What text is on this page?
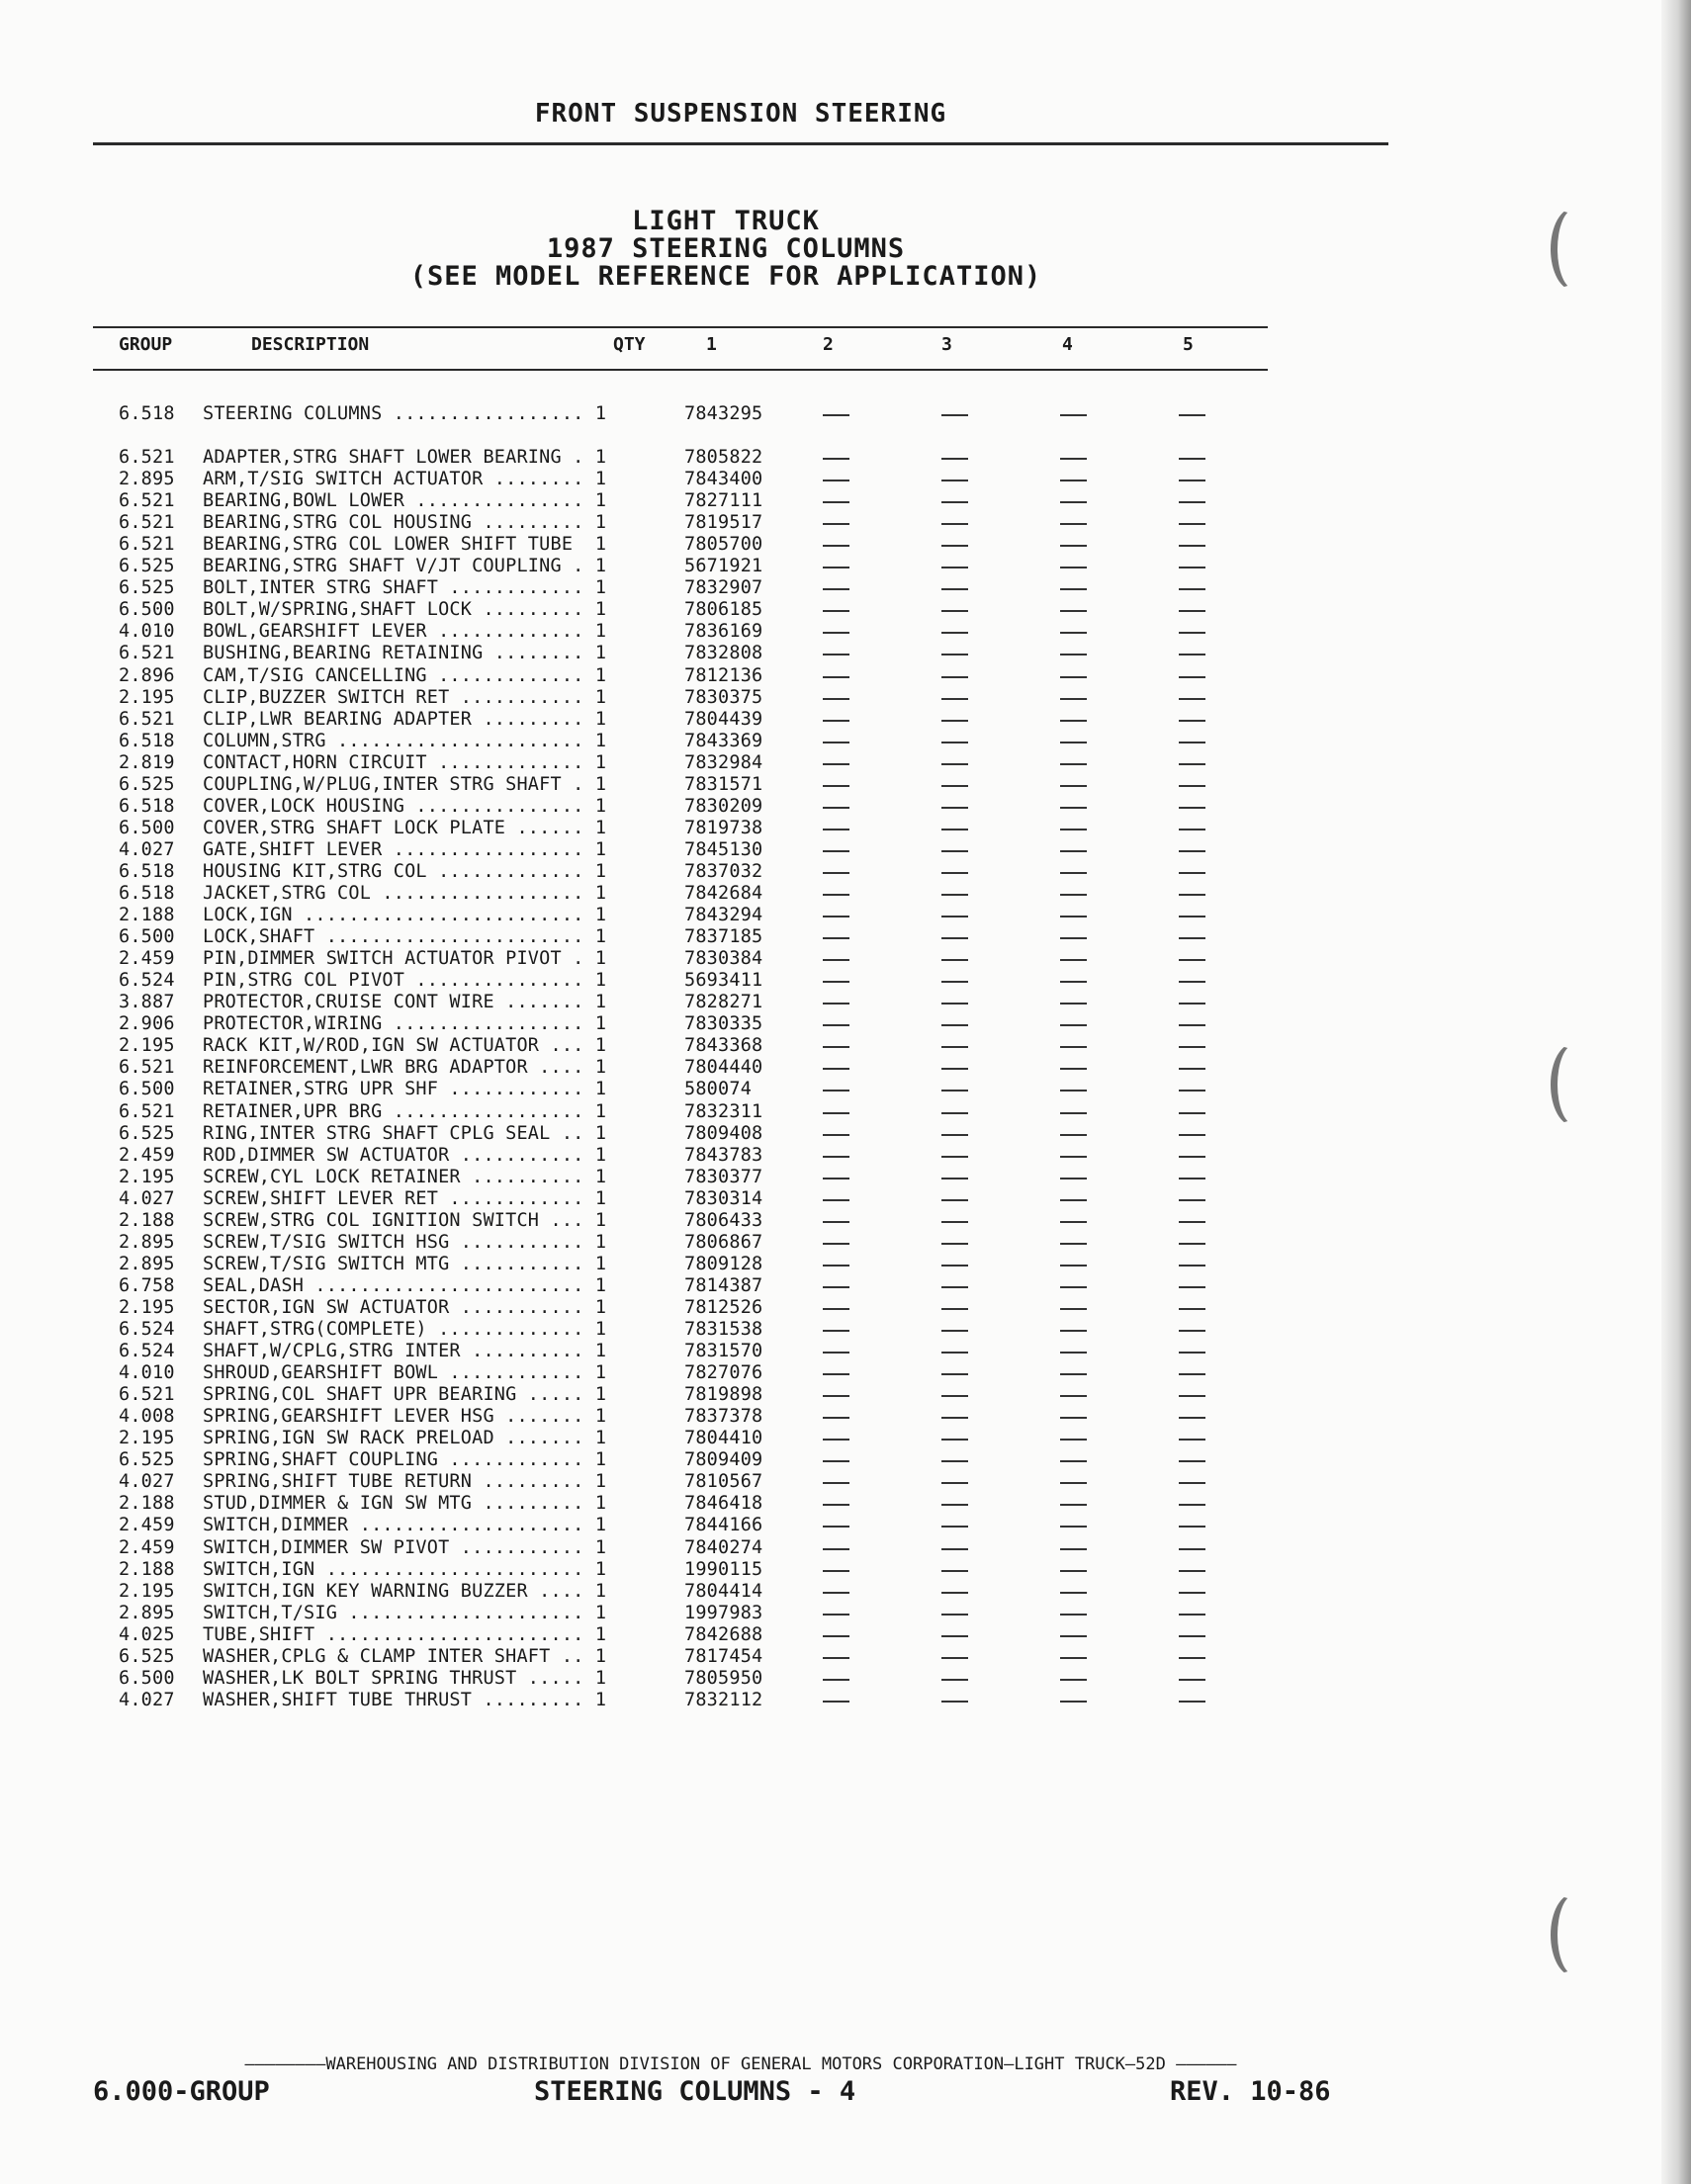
FRONT SUSPENSION STEERING
LIGHT TRUCK
1987 STEERING COLUMNS
(SEE MODEL REFERENCE FOR APPLICATION)
GROUP	DESCRIPTION	QTY	1	2	3	4	5
6.518 STEERING COLUMNS ................. 1	7843295
6.521 ADAPTER,STRG SHAFT LOWER BEARING . 1	7805822
2.895 ARM,T/SIG SWITCH ACTUATOR ........ 1	7843400
6.521 BEARING,BOWL LOWER ............... 1	7827111
6.521 BEARING,STRG COL HOUSING ......... 1	7819517
6.521 BEARING,STRG COL LOWER SHIFT TUBE  1	7805700
6.525 BEARING,STRG SHAFT V/JT COUPLING . 1	5671921
6.525 BOLT,INTER STRG SHAFT ............ 1	7832907
6.500 BOLT,W/SPRING,SHAFT LOCK ......... 1	7806185
4.010 BOWL,GEARSHIFT LEVER ............. 1	7836169
6.521 BUSHING,BEARING RETAINING ........ 1	7832808
2.896 CAM,T/SIG CANCELLING ............. 1	7812136
2.195 CLIP,BUZZER SWITCH RET ........... 1	7830375
6.521 CLIP,LWR BEARING ADAPTER ......... 1	7804439
6.518 COLUMN,STRG ...................... 1	7843369
2.819 CONTACT,HORN CIRCUIT ............. 1	7832984
6.525 COUPLING,W/PLUG,INTER STRG SHAFT . 1	7831571
6.518 COVER,LOCK HOUSING ............... 1	7830209
6.500 COVER,STRG SHAFT LOCK PLATE ...... 1	7819738
4.027 GATE,SHIFT LEVER ................. 1	7845130
6.518 HOUSING KIT,STRG COL ............. 1	7837032
6.518 JACKET,STRG COL .................. 1	7842684
2.188 LOCK,IGN ......................... 1	7843294
6.500 LOCK,SHAFT ....................... 1	7837185
2.459 PIN,DIMMER SWITCH ACTUATOR PIVOT . 1	7830384
6.524 PIN,STRG COL PIVOT ............... 1	5693411
3.887 PROTECTOR,CRUISE CONT WIRE ....... 1	7828271
2.906 PROTECTOR,WIRING ................. 1	7830335
2.195 RACK KIT,W/ROD,IGN SW ACTUATOR ... 1	7843368
6.521 REINFORCEMENT,LWR BRG ADAPTOR .... 1	7804440
6.500 RETAINER,STRG UPR SHF ............ 1	580074
6.521 RETAINER,UPR BRG ................. 1	7832311
6.525 RING,INTER STRG SHAFT CPLG SEAL .. 1	7809408
2.459 ROD,DIMMER SW ACTUATOR ........... 1	7843783
2.195 SCREW,CYL LOCK RETAINER .......... 1	7830377
4.027 SCREW,SHIFT LEVER RET ............ 1	7830314
2.188 SCREW,STRG COL IGNITION SWITCH ... 1	7806433
2.895 SCREW,T/SIG SWITCH HSG ........... 1	7806867
2.895 SCREW,T/SIG SWITCH MTG ........... 1	7809128
6.758 SEAL,DASH ........................ 1	7814387
2.195 SECTOR,IGN SW ACTUATOR ........... 1	7812526
6.524 SHAFT,STRG(COMPLETE) ............. 1	7831538
6.524 SHAFT,W/CPLG,STRG INTER .......... 1	7831570
4.010 SHROUD,GEARSHIFT BOWL ............ 1	7827076
6.521 SPRING,COL SHAFT UPR BEARING ..... 1	7819898
4.008 SPRING,GEARSHIFT LEVER HSG ....... 1	7837378
2.195 SPRING,IGN SW RACK PRELOAD ....... 1	7804410
6.525 SPRING,SHAFT COUPLING ............ 1	7809409
4.027 SPRING,SHIFT TUBE RETURN ......... 1	7810567
2.188 STUD,DIMMER & IGN SW MTG ......... 1	7846418
2.459 SWITCH,DIMMER .................... 1	7844166
2.459 SWITCH,DIMMER SW PIVOT ........... 1	7840274
2.188 SWITCH,IGN ....................... 1	1990115
2.195 SWITCH,IGN KEY WARNING BUZZER .... 1	7804414
2.895 SWITCH,T/SIG ..................... 1	1997983
4.025 TUBE,SHIFT ....................... 1	7842688
6.525 WASHER,CPLG & CLAMP INTER SHAFT .. 1	7817454
6.500 WASHER,LK BOLT SPRING THRUST ..... 1	7805950
4.027 WASHER,SHIFT TUBE THRUST ......... 1	7832112
————————WAREHOUSING AND DISTRIBUTION DIVISION OF GENERAL MOTORS CORPORATION—LIGHT TRUCK—52D ——————
6.000-GROUP	STEERING COLUMNS - 4	REV. 10-86
